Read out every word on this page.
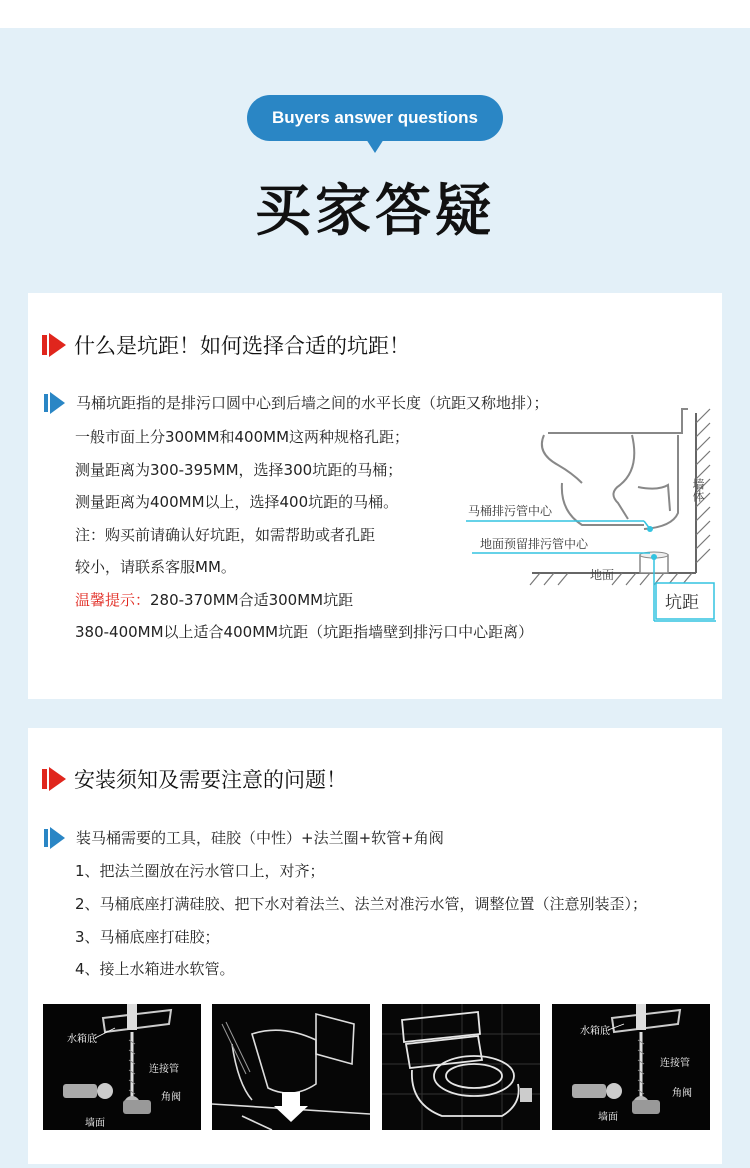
Buyers answer questions
买家答疑
什么是坑距！如何选择合适的坑距！
马桶坑距指的是排污口圆中心到后墙之间的水平长度（坑距又称地排）；
一般市面上分300MM和400MM这两种规格孔距；
测量距离为300-395MM，选择300坑距的马桶；
测量距离为400MM以上，选择400坑距的马桶。
注：购买前请确认好坑距，如需帮助或者孔距
较小，请联系客服MM。
温馨提示：280-370MM合适300MM坑距
380-400MM以上适合400MM坑距（坑距指墙壁到排污口中心距离）
墙体
地面
坑距
马桶排污管中心
地面预留排污管中心
安装须知及需要注意的问题！
装马桶需要的工具，硅胶（中性）+法兰圈+软管+角阀
1、把法兰圈放在污水管口上，对齐；
2、马桶底座打满硅胶、把下水对着法兰、法兰对准污水管，调整位置（注意别装歪）；
3、马桶底座打硅胶；
4、接上水箱进水软管。
水箱底
连接管
角阀
墙面
水箱底
连接管
角阀
墙面
